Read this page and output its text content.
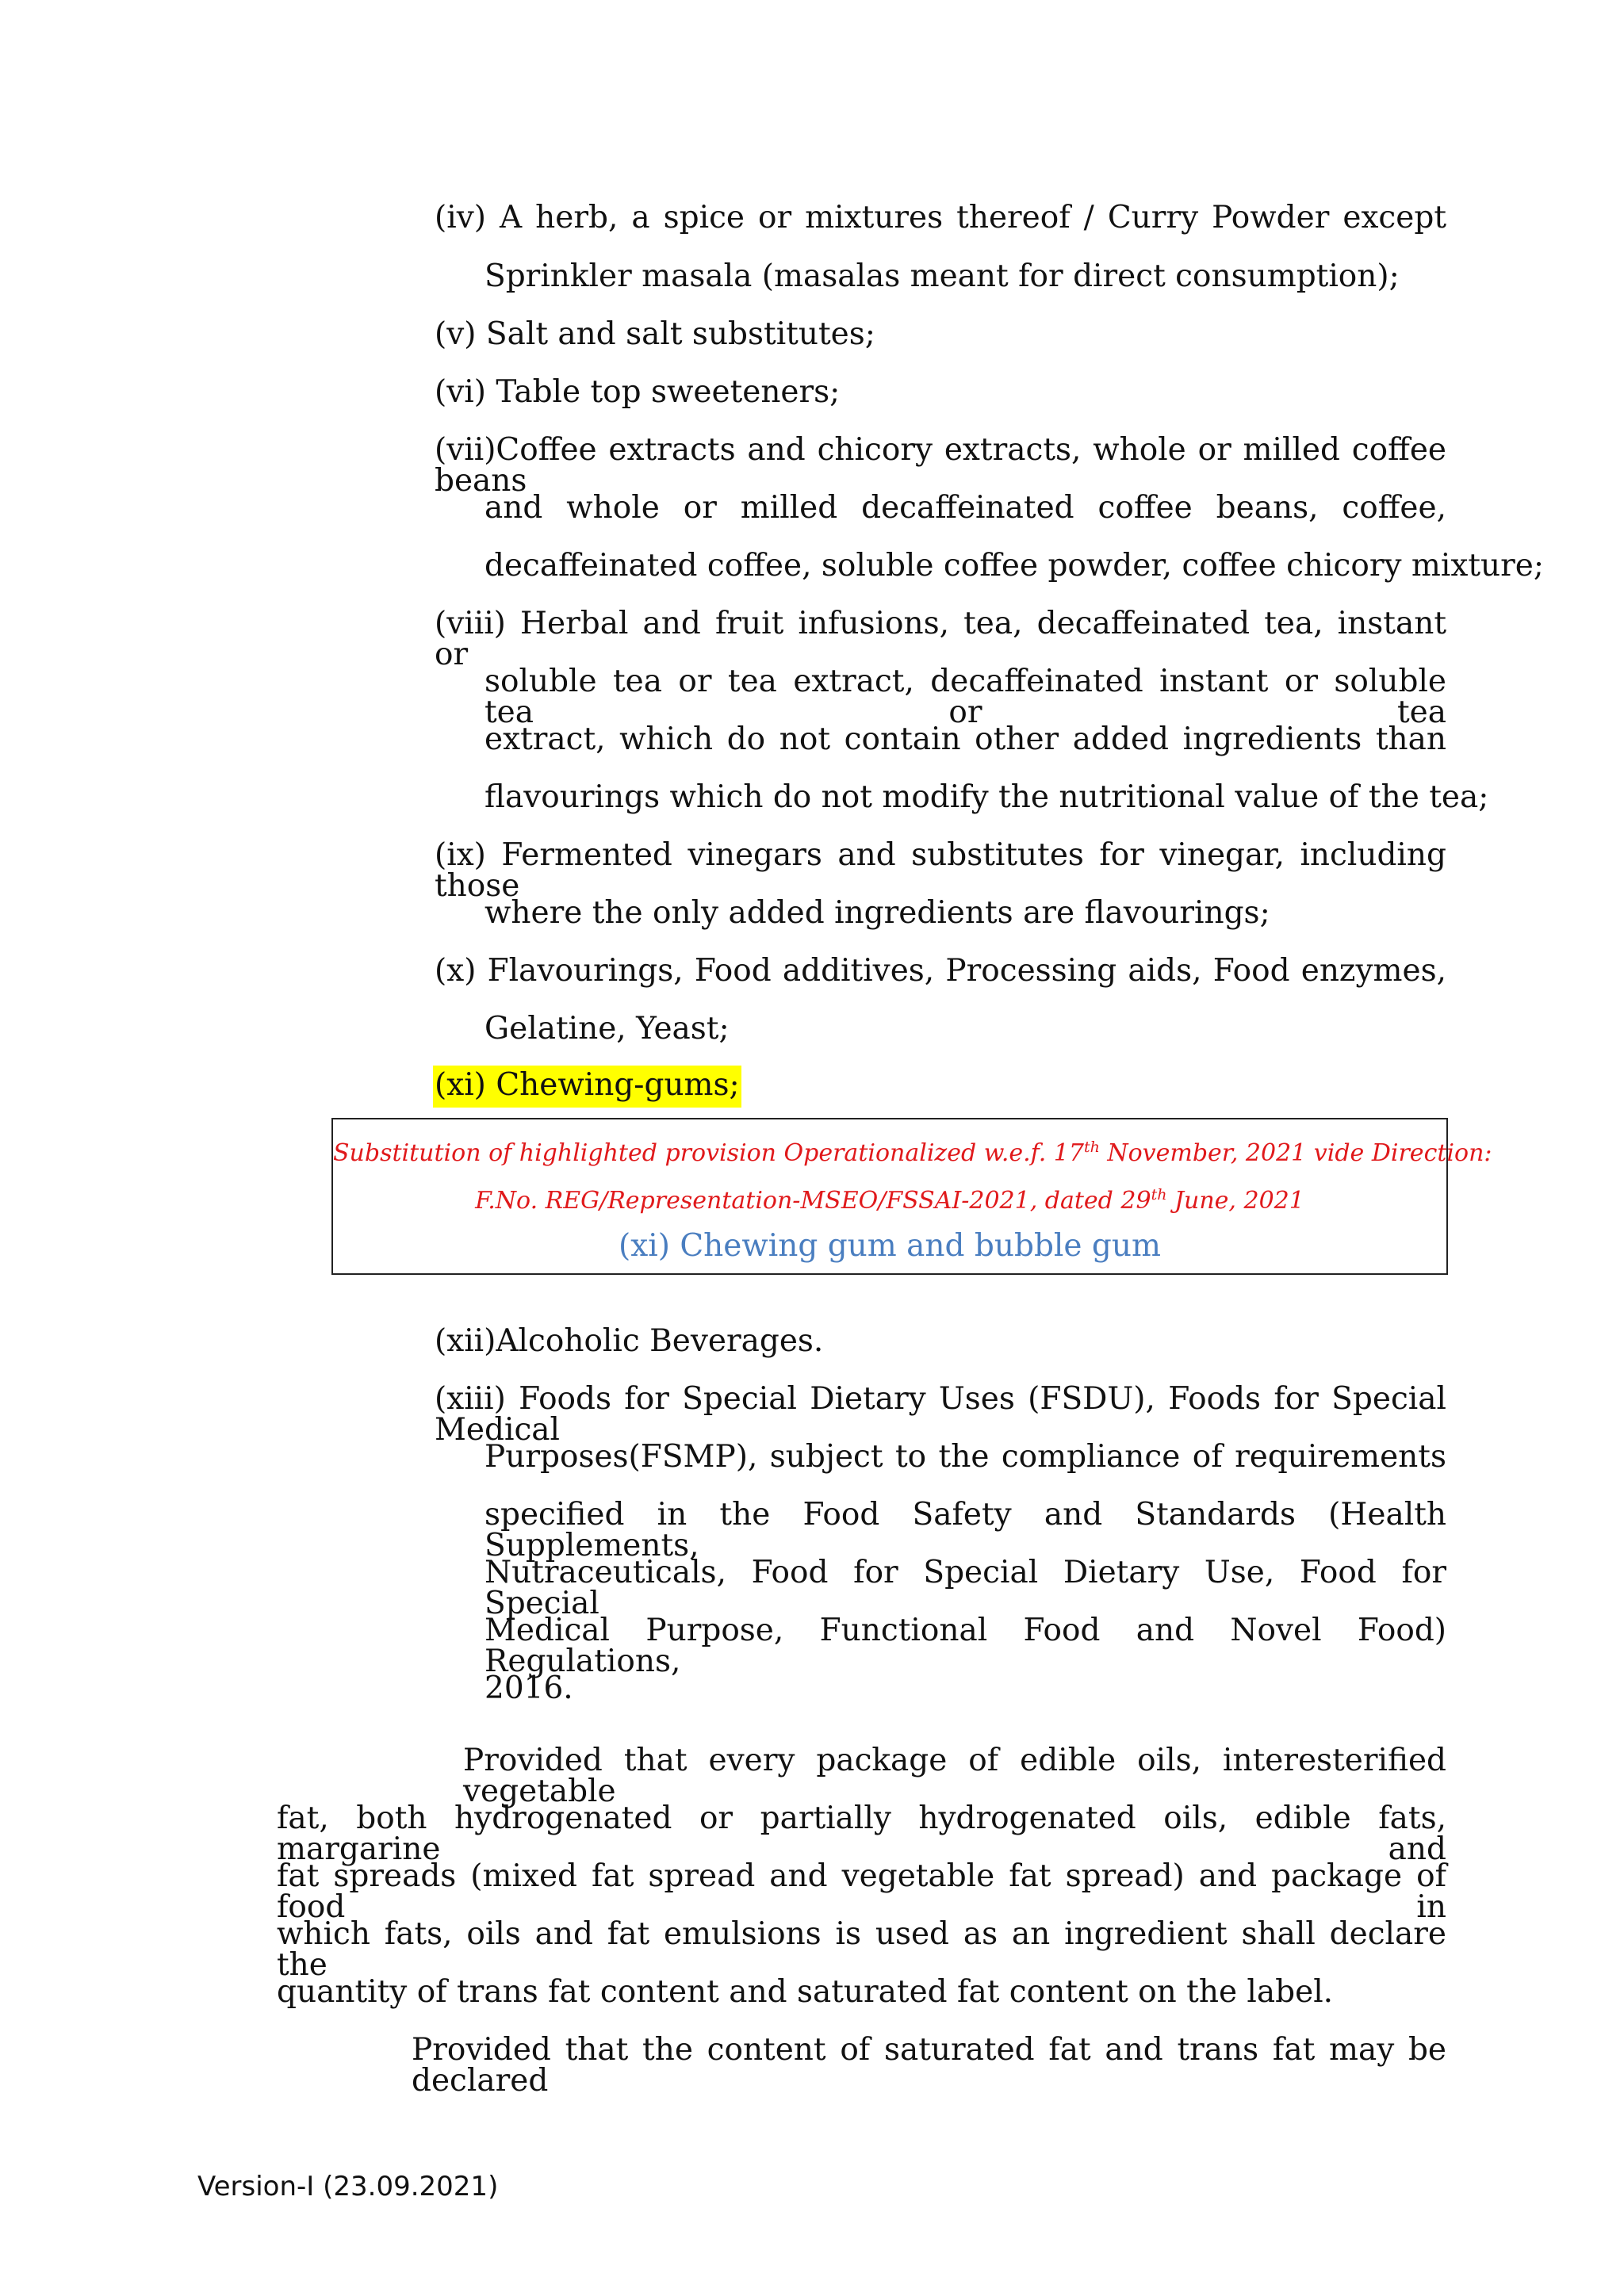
(iv) A herb, a spice or mixtures thereof / Curry Powder except
Sprinkler masala (masalas meant for direct consumption);
(v) Salt and salt substitutes;
(vi) Table top sweeteners;
(vii)Coffee extracts and chicory extracts, whole or milled coffee beans
and whole or milled decaffeinated coffee beans, coffee,
decaffeinated coffee, soluble coffee powder, coffee chicory mixture;
(viii) Herbal and fruit infusions, tea, decaffeinated tea, instant or
soluble tea or tea extract, decaffeinated instant or soluble tea or tea
extract, which do not contain other added ingredients than
flavourings which do not modify the nutritional value of the tea;
(ix) Fermented vinegars and substitutes for vinegar, including those
where the only added ingredients are flavourings;
(x) Flavourings, Food additives, Processing aids, Food enzymes,
Gelatine, Yeast;
(xi) Chewing-gums;
Substitution of highlighted provision Operationalized w.e.f. 17th November, 2021 vide Direction:
F.No. REG/Representation-MSEO/FSSAI-2021, dated 29th June, 2021
(xi) Chewing gum and bubble gum
(xii)Alcoholic Beverages.
(xiii) Foods for Special Dietary Uses (FSDU), Foods for Special Medical
Purposes(FSMP), subject to the compliance of requirements
specified in the Food Safety and Standards (Health Supplements,
Nutraceuticals, Food for Special Dietary Use, Food for Special
Medical Purpose, Functional Food and Novel Food) Regulations,
2016.
Provided that every package of edible oils, interesterified vegetable
fat, both hydrogenated or partially hydrogenated oils, edible fats, margarine and
fat spreads (mixed fat spread and vegetable fat spread) and package of food in
which fats, oils and fat emulsions is used as an ingredient shall declare the
quantity of trans fat content and saturated fat content on the label.
Provided that the content of saturated fat and trans fat may be declared
Version-I (23.09.2021)
